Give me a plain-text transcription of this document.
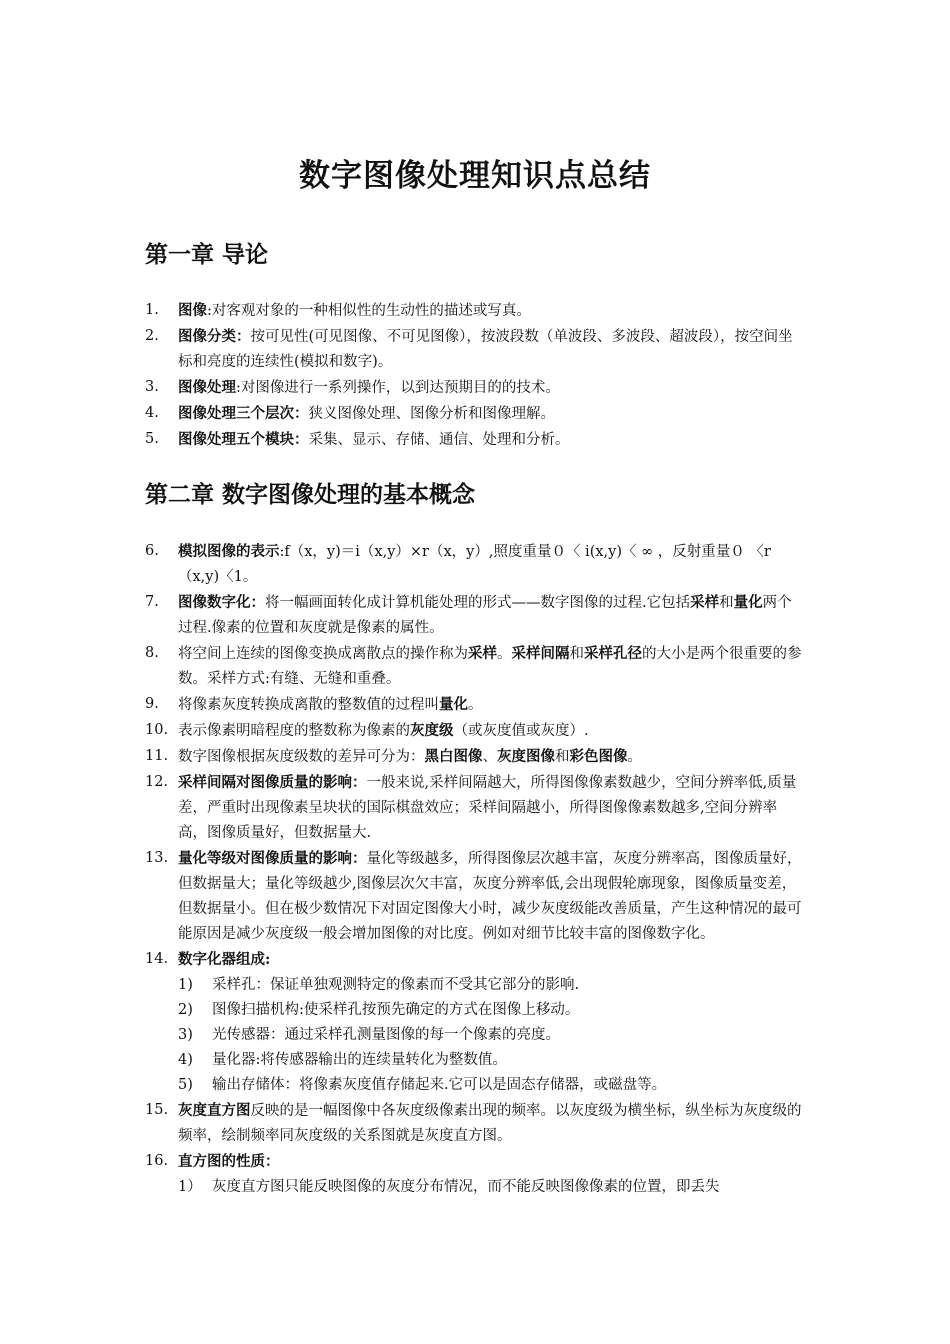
数字图像处理知识点总结
第一章 导论
1. 图像:对客观对象的一种相似性的生动性的描述或写真。
2. 图像分类：按可见性(可见图像、不可见图像），按波段数（单波段、多波段、超波段），按空间坐标和亮度的连续性(模拟和数字)。
3. 图像处理:对图像进行一系列操作，以到达预期目的的技术。
4. 图像处理三个层次：狭义图像处理、图像分析和图像理解。
5. 图像处理五个模块：采集、显示、存储、通信、处理和分析。
第二章 数字图像处理的基本概念
6. 模拟图像的表示:f（x，y)＝i（x,y）×r（x，y）,照度重量０〈 i(x,y)〈 ∞ ，反射重量０ 〈r（x,y)〈1。
7. 图像数字化：将一幅画面转化成计算机能处理的形式——数字图像的过程.它包括采样和量化两个过程.像素的位置和灰度就是像素的属性。
8. 将空间上连续的图像变换成离散点的操作称为采样。采样间隔和采样孔径的大小是两个很重要的参数。采样方式:有缝、无缝和重叠。
9. 将像素灰度转换成离散的整数值的过程叫量化。
10. 表示像素明暗程度的整数称为像素的灰度级（或灰度值或灰度）.
11. 数字图像根据灰度级数的差异可分为：黑白图像、灰度图像和彩色图像。
12. 采样间隔对图像质量的影响：一般来说,采样间隔越大，所得图像像素数越少，空间分辨率低,质量差，严重时出现像素呈块状的国际棋盘效应；采样间隔越小，所得图像像素数越多,空间分辨率高，图像质量好，但数据量大.
13. 量化等级对图像质量的影响：量化等级越多，所得图像层次越丰富，灰度分辨率高，图像质量好，但数据量大；量化等级越少,图像层次欠丰富，灰度分辨率低,会出现假轮廓现象，图像质量变差，但数据量小。但在极少数情况下对固定图像大小时，减少灰度级能改善质量，产生这种情况的最可能原因是减少灰度级一般会增加图像的对比度。例如对细节比较丰富的图像数字化。
14. 数字化器组成:
1) 采样孔：保证单独观测特定的像素而不受其它部分的影响.
2) 图像扫描机构:使采样孔按预先确定的方式在图像上移动。
3) 光传感器：通过采样孔测量图像的每一个像素的亮度。
4) 量化器:将传感器输出的连续量转化为整数值。
5) 输出存储体：将像素灰度值存储起来.它可以是固态存储器，或磁盘等。
15. 灰度直方图反映的是一幅图像中各灰度级像素出现的频率。以灰度级为横坐标，纵坐标为灰度级的频率，绘制频率同灰度级的关系图就是灰度直方图。
16. 直方图的性质：
1） 灰度直方图只能反映图像的灰度分布情况，而不能反映图像像素的位置，即丢失
